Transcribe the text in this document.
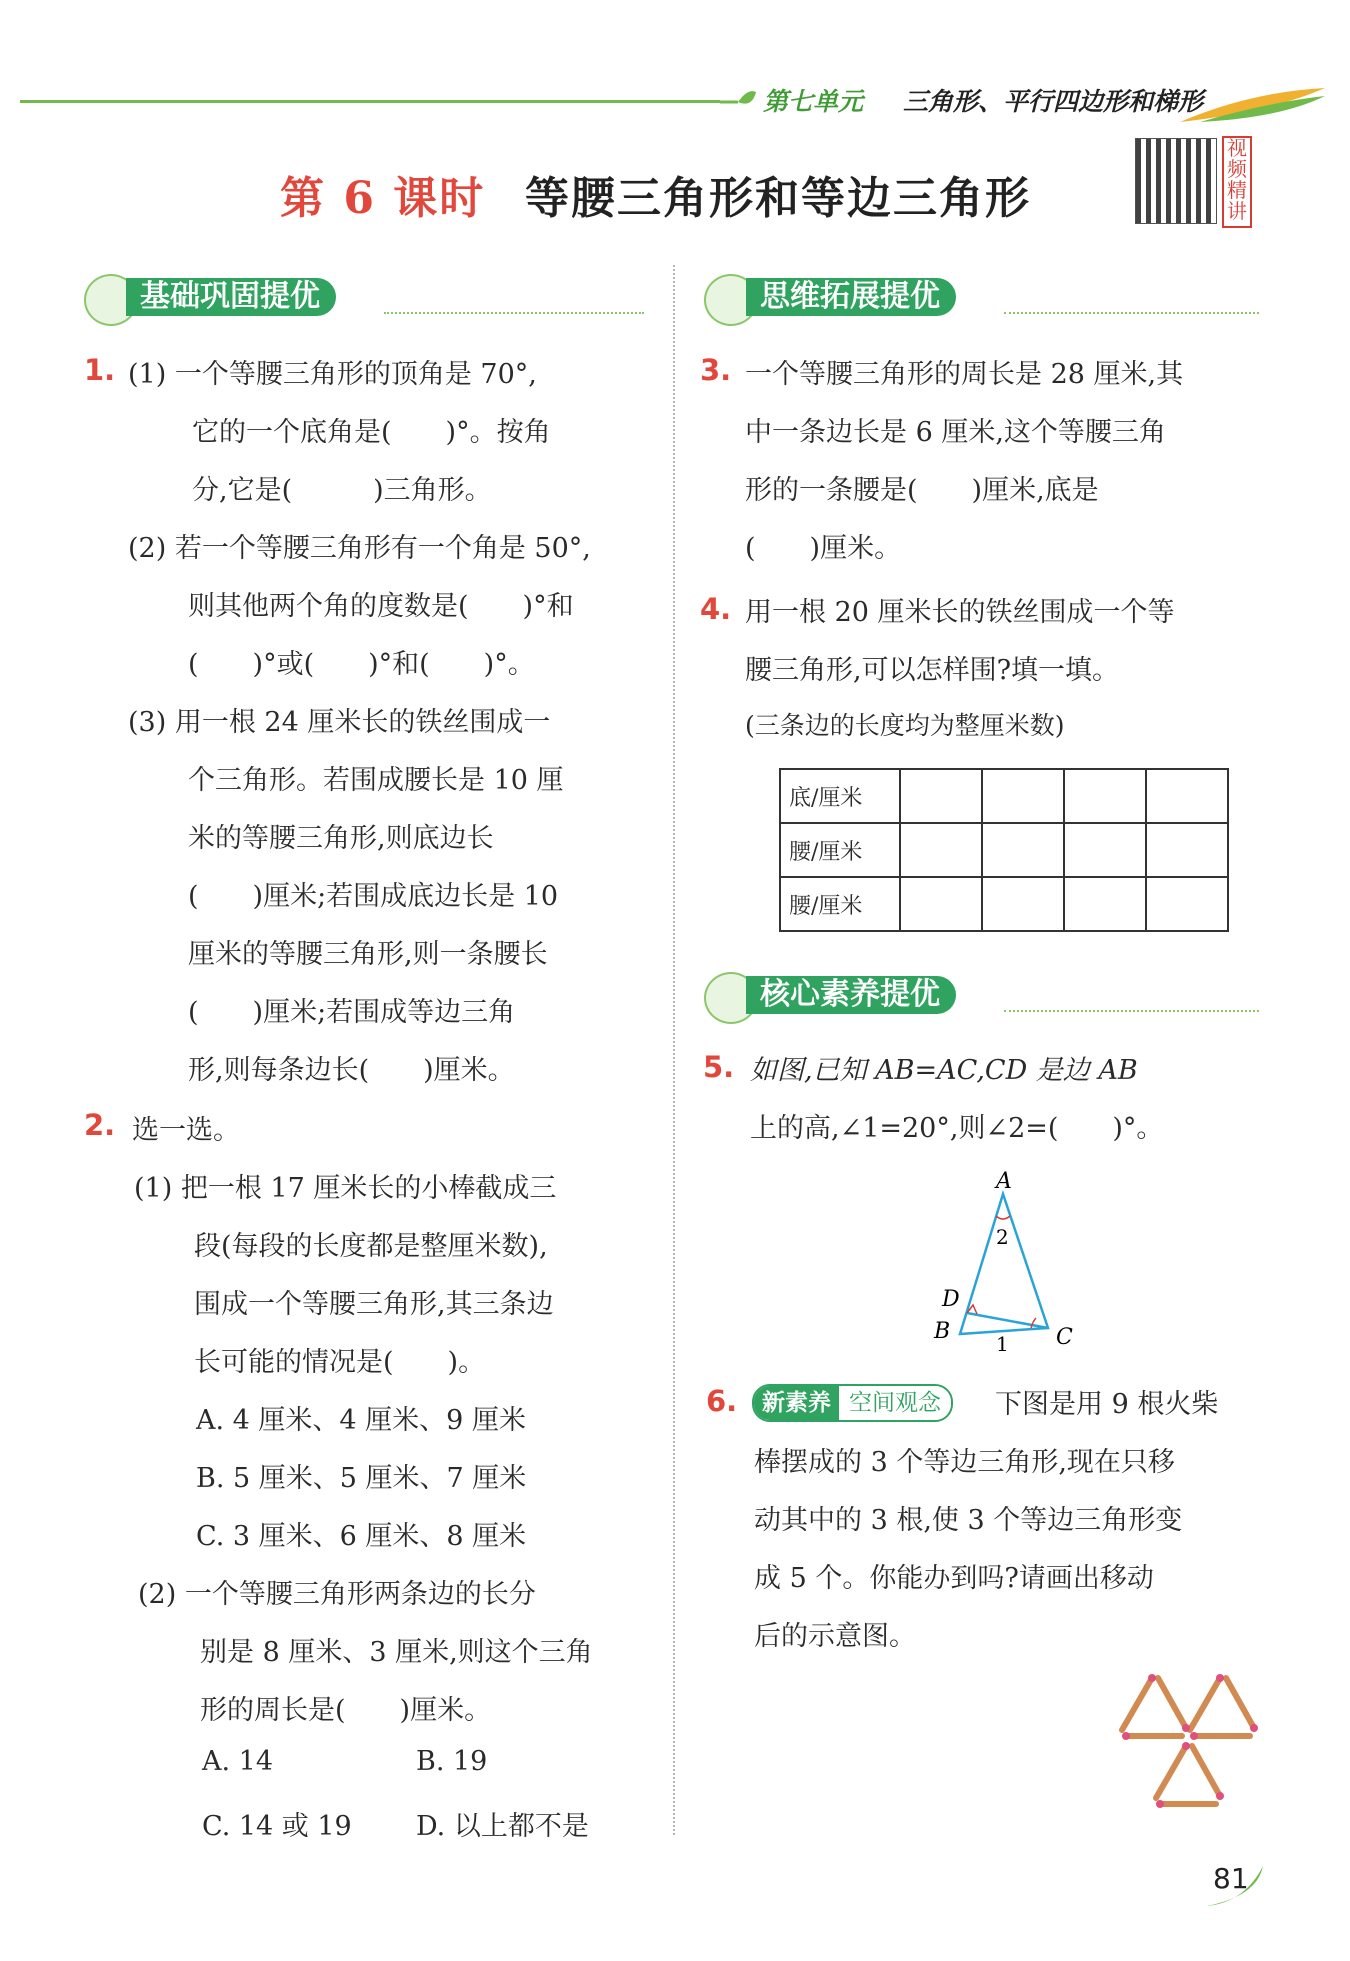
第七单元 三角形、平行四边形和梯形
第 6 课时 等腰三角形和等边三角形
视频精讲
基础巩固提优
1. (1) 一个等腰三角形的顶角是 70°,
它的一个底角是(　　)°。按角
分,它是(　　　)三角形。
(2) 若一个等腰三角形有一个角是 50°,
则其他两个角的度数是(　　)°和
(　　)°或(　　)°和(　　)°。
(3) 用一根 24 厘米长的铁丝围成一
个三角形。若围成腰长是 10 厘
米的等腰三角形,则底边长
(　　)厘米;若围成底边长是 10
厘米的等腰三角形,则一条腰长
(　　)厘米;若围成等边三角
形,则每条边长(　　)厘米。
2. 选一选。
(1) 把一根 17 厘米长的小棒截成三
段(每段的长度都是整厘米数),
围成一个等腰三角形,其三条边
长可能的情况是(　　)。
A. 4 厘米、4 厘米、9 厘米
B. 5 厘米、5 厘米、7 厘米
C. 3 厘米、6 厘米、8 厘米
(2) 一个等腰三角形两条边的长分
别是 8 厘米、3 厘米,则这个三角
形的周长是(　　)厘米。
A. 14	B. 19
C. 14 或 19 D. 以上都不是
思维拓展提优
3. 一个等腰三角形的周长是 28 厘米,其
中一条边长是 6 厘米,这个等腰三角
形的一条腰是(　　)厘米,底是
(　　)厘米。
4. 用一根 20 厘米长的铁丝围成一个等
腰三角形,可以怎样围?填一填。
(三条边的长度均为整厘米数)
底/厘米				
腰/厘米				
腰/厘米				
核心素养提优
5. 如图,已知 AB=AC,CD 是边 AB
上的高,∠1=20°,则∠2=(　　)°。
A
2
D
B 1 C
6.	新素养 空间观念	下图是用 9 根火柴
棒摆成的 3 个等边三角形,现在只移
动其中的 3 根,使 3 个等边三角形变
成 5 个。你能办到吗?请画出移动
后的示意图。
81
